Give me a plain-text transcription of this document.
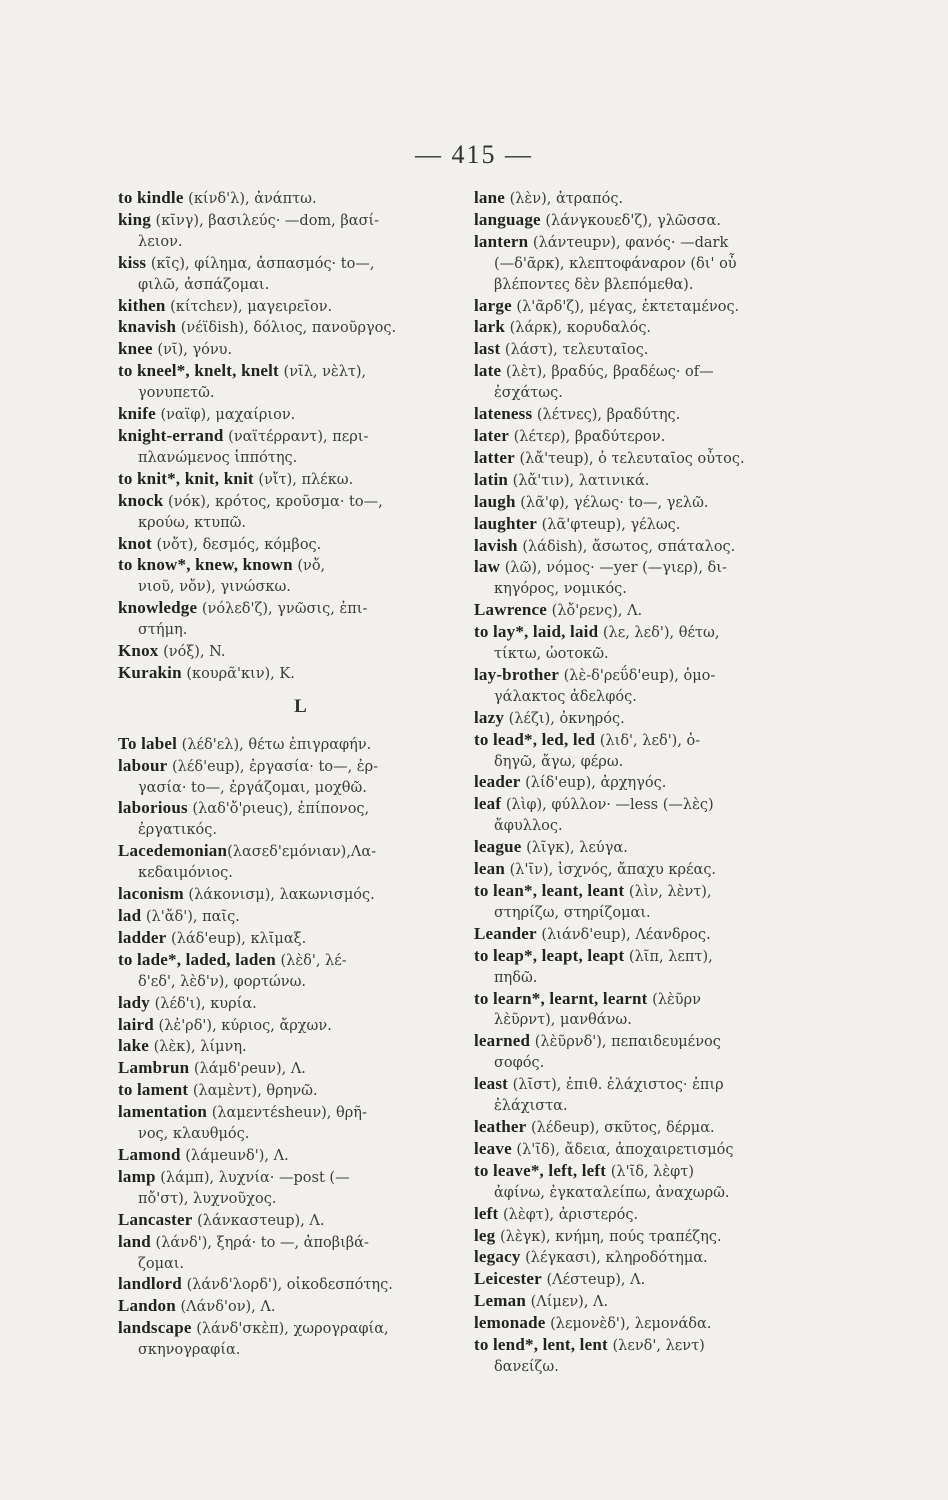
— 415 —
to kindle (κίνδ'λ), ἀνάπτω.
king (κῖνγ), βασιλεύς· —dom, βασί-
λειον.
kiss (κῖς), φίλημα, ἀσπασμός· to—,
φιλῶ, ἀσπάζομαι.
kithen (κίτchεν), μαγειρεῖον.
knavish (νέϊδish), δόλιος, πανοῦργος.
knee (νῖ), γόνυ.
to kneel*, knelt, knelt (νῖλ, νὲλτ),
γονυπετῶ.
knife (ναϊφ), μαχαίριον.
knight-errand (ναϊτέρραντ), περι-
πλανώμενος ἱππότης.
to knit*, knit, knit (νἴτ), πλέκω.
knock (νόκ), κρότος, κροῦσμα· to—,
κρούω, κτυπῶ.
knot (νὄτ), δεσμός, κόμβος.
to know*, knew, known (νὄ,
νιοῦ, νὄν), γινώσκω.
knowledge (νόλεδ'ζ), γνῶσις, ἐπι-
στήμη.
Knox (νόξ), N.
Kurakin (κουρᾶ'κιν), K.
L
To label (λέδ'ελ), θέτω ἐπιγραφήν.
labour (λέδ'eup), ἐργασία· to—, ἐρ-
γασία· to—, ἐργάζομαι, μοχθῶ.
laborious (λαδ'ὄ'ριeuς), ἐπίπονος,
ἐργατικός.
Lacedemonian(λασεδ'εμόνιαν),Λα-
κεδαιμόνιος.
laconism (λάκονισμ), λακωνισμός.
lad (λ'ἄδ'), παῖς.
ladder (λάδ'eup), κλῖμαξ.
to lade*, laded, laden (λὲδ', λέ-
δ'εδ', λὲδ'ν), φορτώνω.
lady (λέδ'ι), κυρία.
laird (λἐ'ρδ'), κύριος, ἄρχων.
lake (λὲκ), λίμνη.
Lambrun (λάμδ'ρeuν), Λ.
to lament (λαμὲντ), θρηνῶ.
lamentation (λαμεντέsheuν), θρῆ-
νος, κλαυθμός.
Lamond (λάμeuνδ'), Λ.
lamp (λάμπ), λυχνία· —post (—
πὄ'στ), λυχνοῦχος.
Lancaster (λάνκαστeup), Λ.
land (λάνδ'), ξηρά· to —, ἀποβιβά-
ζομαι.
landlord (λάνδ'λορδ'), οἰκοδεσπότης.
Landon (Λάνδ'ον), Λ.
landscape (λάνδ'σκὲπ), χωρογραφία,
σκηνογραφία.
lane (λὲν), ἀτραπός.
language (λάνγκουεδ'ζ), γλῶσσα.
lantern (λάντeupν), φανός· —dark
(—δ'ᾶρκ), κλεπτοφάναρον (δι' οὗ
βλέποντες δὲν βλεπόμεθα).
large (λ'ᾶρδ'ζ), μέγας, ἐκτεταμένος.
lark (λάρκ), κορυδαλός.
last (λάστ), τελευταῖος.
late (λὲτ), βραδύς, βραδέως· of—
ἐσχάτως.
lateness (λέτνες), βραδύτης.
later (λέτερ), βραδύτερον.
latter (λἄ'τeup), ὁ τελευταῖος οὗτος.
latin (λἄ'τιν), λατινικά.
laugh (λᾶ'φ), γέλως· to—, γελῶ.
laughter (λᾶ'φτeup), γέλως.
lavish (λάδish), ἄσωτος, σπάταλος.
law (λῶ), νόμος· —yer (—γιερ), δι-
κηγόρος, νομικός.
Lawrence (λὄ'ρενς), Λ.
to lay*, laid, laid (λε, λεδ'), θέτω,
τίκτω, ὠοτοκῶ.
lay-brother (λὲ-δ'ρεΰδ'eup), ὁμο-
γάλακτος ἀδελφός.
lazy (λέζι), ὀκνηρός.
to lead*, led, led (λιδ', λεδ'), ὁ-
δηγῶ, ἄγω, φέρω.
leader (λίδ'eup), ἀρχηγός.
leaf (λὶφ), φύλλον· —less (—λὲς)
ἄφυλλος.
league (λῖγκ), λεύγα.
lean (λ'ῖν), ἰσχνός, ἄπαχυ κρέας.
to lean*, leant, leant (λὶν, λὲντ),
στηρίζω, στηρίζομαι.
Leander (λιάνδ'eup), Λέανδρος.
to leap*, leapt, leapt (λῖπ, λεπτ),
πηδῶ.
to learn*, learnt, learnt (λὲῦρν
λὲῦρντ), μανθάνω.
learned (λὲῦρνδ'), πεπαιδευμένος
σοφός.
least (λῖστ), ἐπιθ. ἐλάχιστος· ἐπιρ
ἐλάχιστα.
leather (λέδeup), σκῦτος, δέρμα.
leave (λ'ῖδ), ἄδεια, ἀποχαιρετισμός
to leave*, left, left (λ'ῖδ, λὲφτ)
ἀφίνω, ἐγκαταλείπω, ἀναχωρῶ.
left (λὲφτ), ἀριστερός.
leg (λὲγκ), κνήμη, πούς τραπέζης.
legacy (λέγκασι), κληροδότημα.
Leicester (Λέστeup), Λ.
Leman (Λίμεν), Λ.
lemonade (λεμονὲδ'), λεμονάδα.
to lend*, lent, lent (λενδ', λεντ)
δανείζω.
